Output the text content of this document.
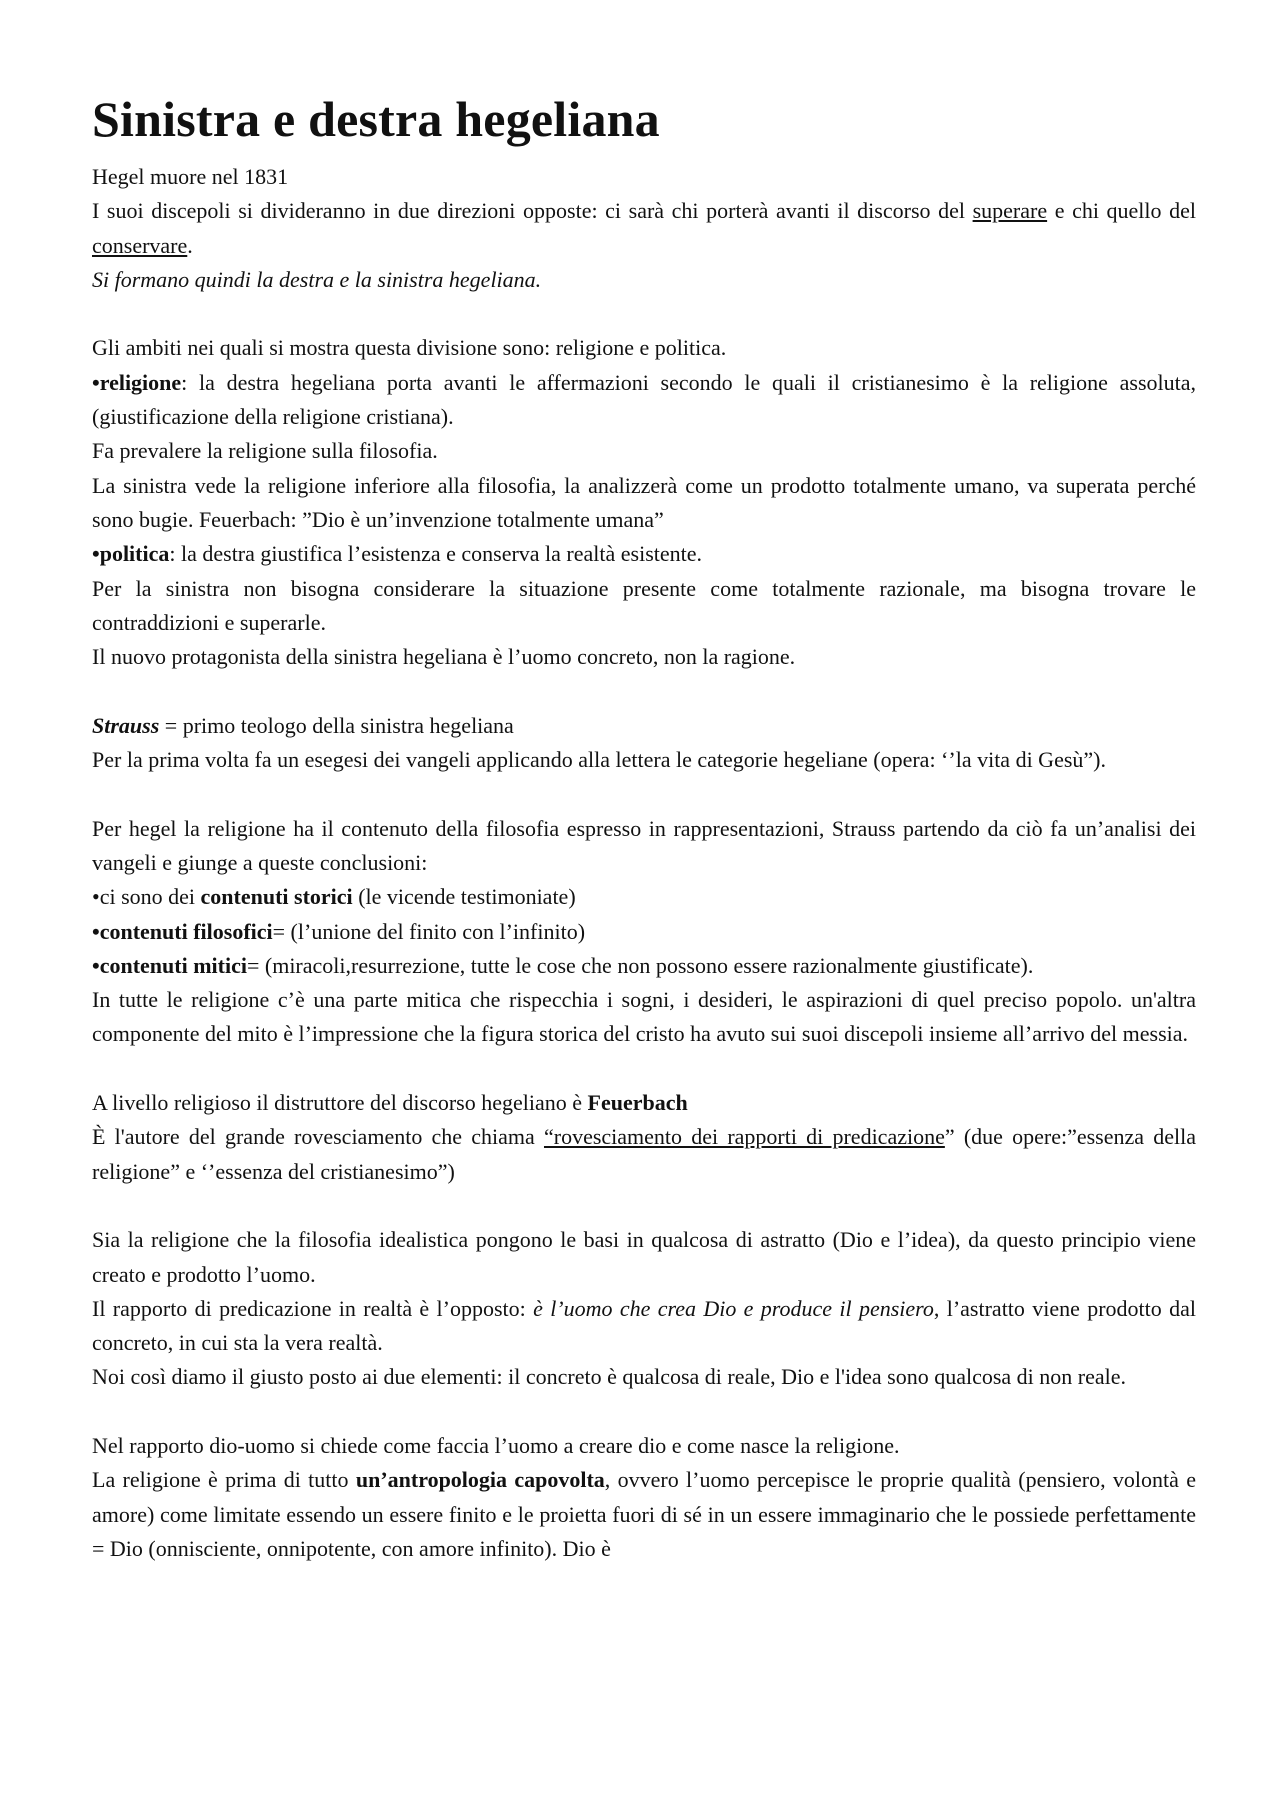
Sinistra e destra hegeliana

Hegel muore nel 1831

I suoi discepoli si divideranno in due direzioni opposte: ci sarà chi porterà avanti il discorso del superare e chi quello del conservare.

Si formano quindi la destra e la sinistra hegeliana.

Gli ambiti nei quali si mostra questa divisione sono: religione e politica.

•religione: la destra hegeliana porta avanti le affermazioni secondo le quali il cristianesimo è la religione assoluta,(giustificazione della religione cristiana).

Fa prevalere la religione sulla filosofia.

La sinistra vede la religione inferiore alla filosofia, la analizzerà come un prodotto totalmente umano, va superata perché sono bugie. Feuerbach: ”Dio è un’invenzione totalmente umana”

•politica: la destra giustifica l’esistenza e conserva la realtà esistente.

Per la sinistra non bisogna considerare la situazione presente come totalmente razionale, ma bisogna trovare le contraddizioni e superarle.

Il nuovo protagonista della sinistra hegeliana è l’uomo concreto, non la ragione.

Strauss = primo teologo della sinistra hegeliana

Per la prima volta fa un esegesi dei vangeli applicando alla lettera le categorie hegeliane (opera: ‘’la vita di Gesù”).

Per hegel la religione ha il contenuto della filosofia espresso in rappresentazioni, Strauss partendo da ciò fa un’analisi dei vangeli e giunge a queste conclusioni:

•ci sono dei contenuti storici (le vicende testimoniate)

•contenuti filosofici= (l’unione del finito con l’infinito)

•contenuti mitici= (miracoli,resurrezione, tutte le cose che non possono essere razionalmente giustificate).

In tutte le religione c’è una parte mitica che rispecchia i sogni, i desideri, le aspirazioni di quel preciso popolo. un'altra componente del mito è l’impressione che la figura storica del cristo ha avuto sui suoi discepoli insieme all’arrivo del messia.

A livello religioso il distruttore del discorso hegeliano è Feuerbach

È l'autore del grande rovesciamento che chiama “rovesciamento dei rapporti di predicazione” (due opere:”essenza della religione” e ‘’essenza del cristianesimo”)

Sia la religione che la filosofia idealistica pongono le basi in qualcosa di astratto (Dio e l’idea), da questo principio viene creato e prodotto l’uomo.

Il rapporto di predicazione in realtà è l’opposto: è l’uomo che crea Dio e produce il pensiero, l’astratto viene prodotto dal concreto, in cui sta la vera realtà.

Noi così diamo il giusto posto ai due elementi: il concreto è qualcosa di reale, Dio e l'idea sono qualcosa di non reale.

Nel rapporto dio-uomo si chiede come faccia l’uomo a creare dio e come nasce la religione.

La religione è prima di tutto un’antropologia capovolta, ovvero l’uomo percepisce le proprie qualità (pensiero, volontà e amore) come limitate essendo un essere finito e le proietta fuori di sé in un essere immaginario che le possiede perfettamente = Dio (onnisciente, onnipotente, con amore infinito). Dio è
